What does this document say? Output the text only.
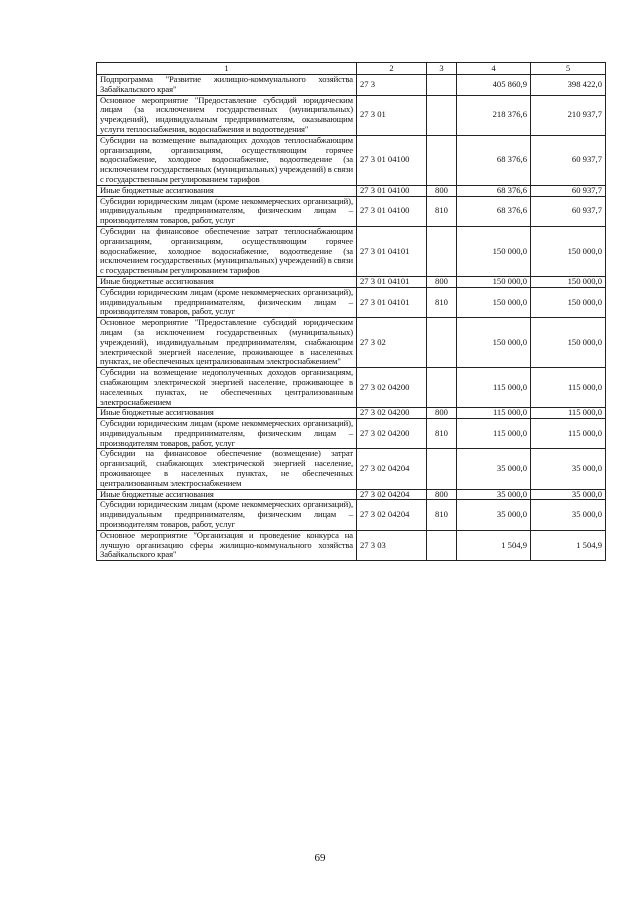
1	2	3	4	5
Подпрограмма "Развитие жилищно-коммунального хозяйства Забайкальского края"	27 3		405 860,9	398 422,0
Основное мероприятие "Предоставление субсидий юридическим лицам (за исключением государственных (муниципальных) учреждений), индивидуальным предпринимателям, оказывающим услуги теплоснабжения, водоснабжения и водоотведения"	27 3 01		218 376,6	210 937,7
Субсидии на возмещение выпадающих доходов теплоснабжающим организациям, организациям, осуществляющим горячее водоснабжение, холодное водоснабжение, водоотведение (за исключением государственных (муниципальных) учреждений) в связи с государственным регулированием тарифов	27 3 01 04100		68 376,6	60 937,7
Иные бюджетные ассигнования	27 3 01 04100	800	68 376,6	60 937,7
Субсидии юридическим лицам (кроме некоммерческих организаций), индивидуальным предпринимателям, физическим лицам – производителям товаров, работ, услуг	27 3 01 04100	810	68 376,6	60 937,7
Субсидии на финансовое обеспечение затрат теплоснабжающим организациям, организациям, осуществляющим горячее водоснабжение, холодное водоснабжение, водоотведение (за исключением государственных (муниципальных) учреждений) в связи с государственным регулированием тарифов	27 3 01 04101		150 000,0	150 000,0
Иные бюджетные ассигнования	27 3 01 04101	800	150 000,0	150 000,0
Субсидии юридическим лицам (кроме некоммерческих организаций), индивидуальным предпринимателям, физическим лицам – производителям товаров, работ, услуг	27 3 01 04101	810	150 000,0	150 000,0
Основное мероприятие "Предоставление субсидий юридическим лицам (за исключением государственных (муниципальных) учреждений), индивидуальным предпринимателям, снабжающим электрической энергией население, проживающее в населенных пунктах, не обеспеченных централизованным электроснабжением"	27 3 02		150 000,0	150 000,0
Субсидии на возмещение недополученных доходов организациям, снабжающим электрической энергией население, проживающее в населенных пунктах, не обеспеченных централизованным электроснабжением	27 3 02 04200		115 000,0	115 000,0
Иные бюджетные ассигнования	27 3 02 04200	800	115 000,0	115 000,0
Субсидии юридическим лицам (кроме некоммерческих организаций), индивидуальным предпринимателям, физическим лицам – производителям товаров, работ, услуг	27 3 02 04200	810	115 000,0	115 000,0
Субсидии на финансовое обеспечение (возмещение) затрат организаций, снабжающих электрической энергией население, проживающее в населенных пунктах, не обеспеченных централизованным электроснабжением	27 3 02 04204		35 000,0	35 000,0
Иные бюджетные ассигнования	27 3 02 04204	800	35 000,0	35 000,0
Субсидии юридическим лицам (кроме некоммерческих организаций), индивидуальным предпринимателям, физическим лицам – производителям товаров, работ, услуг	27 3 02 04204	810	35 000,0	35 000,0
Основное мероприятие "Организация и проведение конкурса на лучшую организацию сферы жилищно-коммунального хозяйства Забайкальского края"	27 3 03		1 504,9	1 504,9
69
